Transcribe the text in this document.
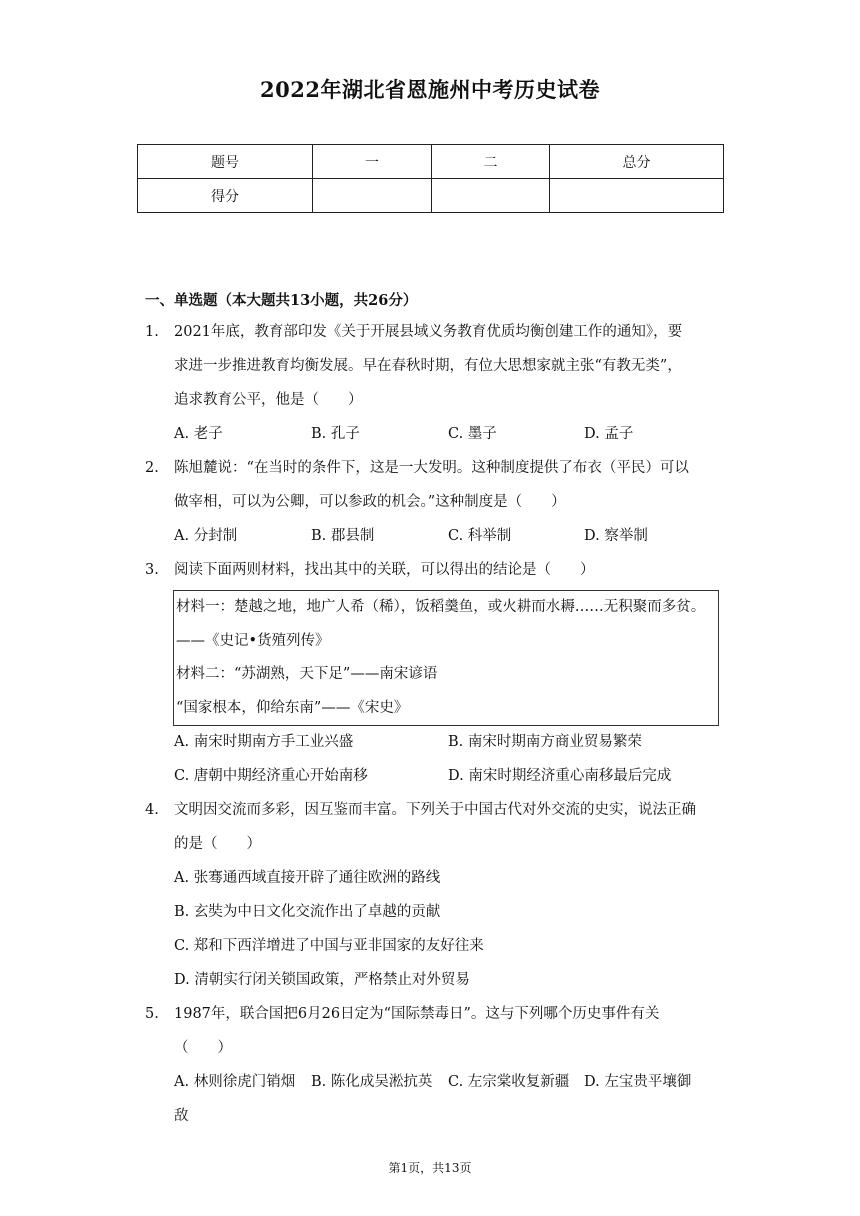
2022年湖北省恩施州中考历史试卷
题号	一	二	总分
得分			
一、单选题（本大题共13小题，共26分）
1. 2021年底，教育部印发《关于开展县域义务教育优质均衡创建工作的通知》，要
求进一步推进教育均衡发展。早在春秋时期，有位大思想家就主张“有教无类”，
追求教育公平，他是（　　）
A. 老子	B. 孔子	C. 墨子	D. 孟子
2. 陈旭麓说：“在当时的条件下，这是一大发明。这种制度提供了布衣（平民）可以
做宰相，可以为公卿，可以参政的机会。”这种制度是（　　）
A. 分封制	B. 郡县制	C. 科举制	D. 察举制
3. 阅读下面两则材料，找出其中的关联，可以得出的结论是（　　）
材料一：楚越之地，地广人希（稀），饭稻羹鱼，或火耕而水耨……无积聚而多贫。
——《史记•货殖列传》
材料二：“苏湖熟，天下足”——南宋谚语
“国家根本，仰给东南”——《宋史》
A. 南宋时期南方手工业兴盛	B. 南宋时期南方商业贸易繁荣
C. 唐朝中期经济重心开始南移	D. 南宋时期经济重心南移最后完成
4. 文明因交流而多彩，因互鉴而丰富。下列关于中国古代对外交流的史实，说法正确
的是（　　）
A. 张骞通西域直接开辟了通往欧洲的路线
B. 玄奘为中日文化交流作出了卓越的贡献
C. 郑和下西洋增进了中国与亚非国家的友好往来
D. 清朝实行闭关锁国政策，严格禁止对外贸易
5. 1987年，联合国把6月26日定为“国际禁毒日”。这与下列哪个历史事件有关
（　　）
A. 林则徐虎门销烟 B. 陈化成吴淞抗英 C. 左宗棠收复新疆 D. 左宝贵平壤御
敌
第1页，共13页
